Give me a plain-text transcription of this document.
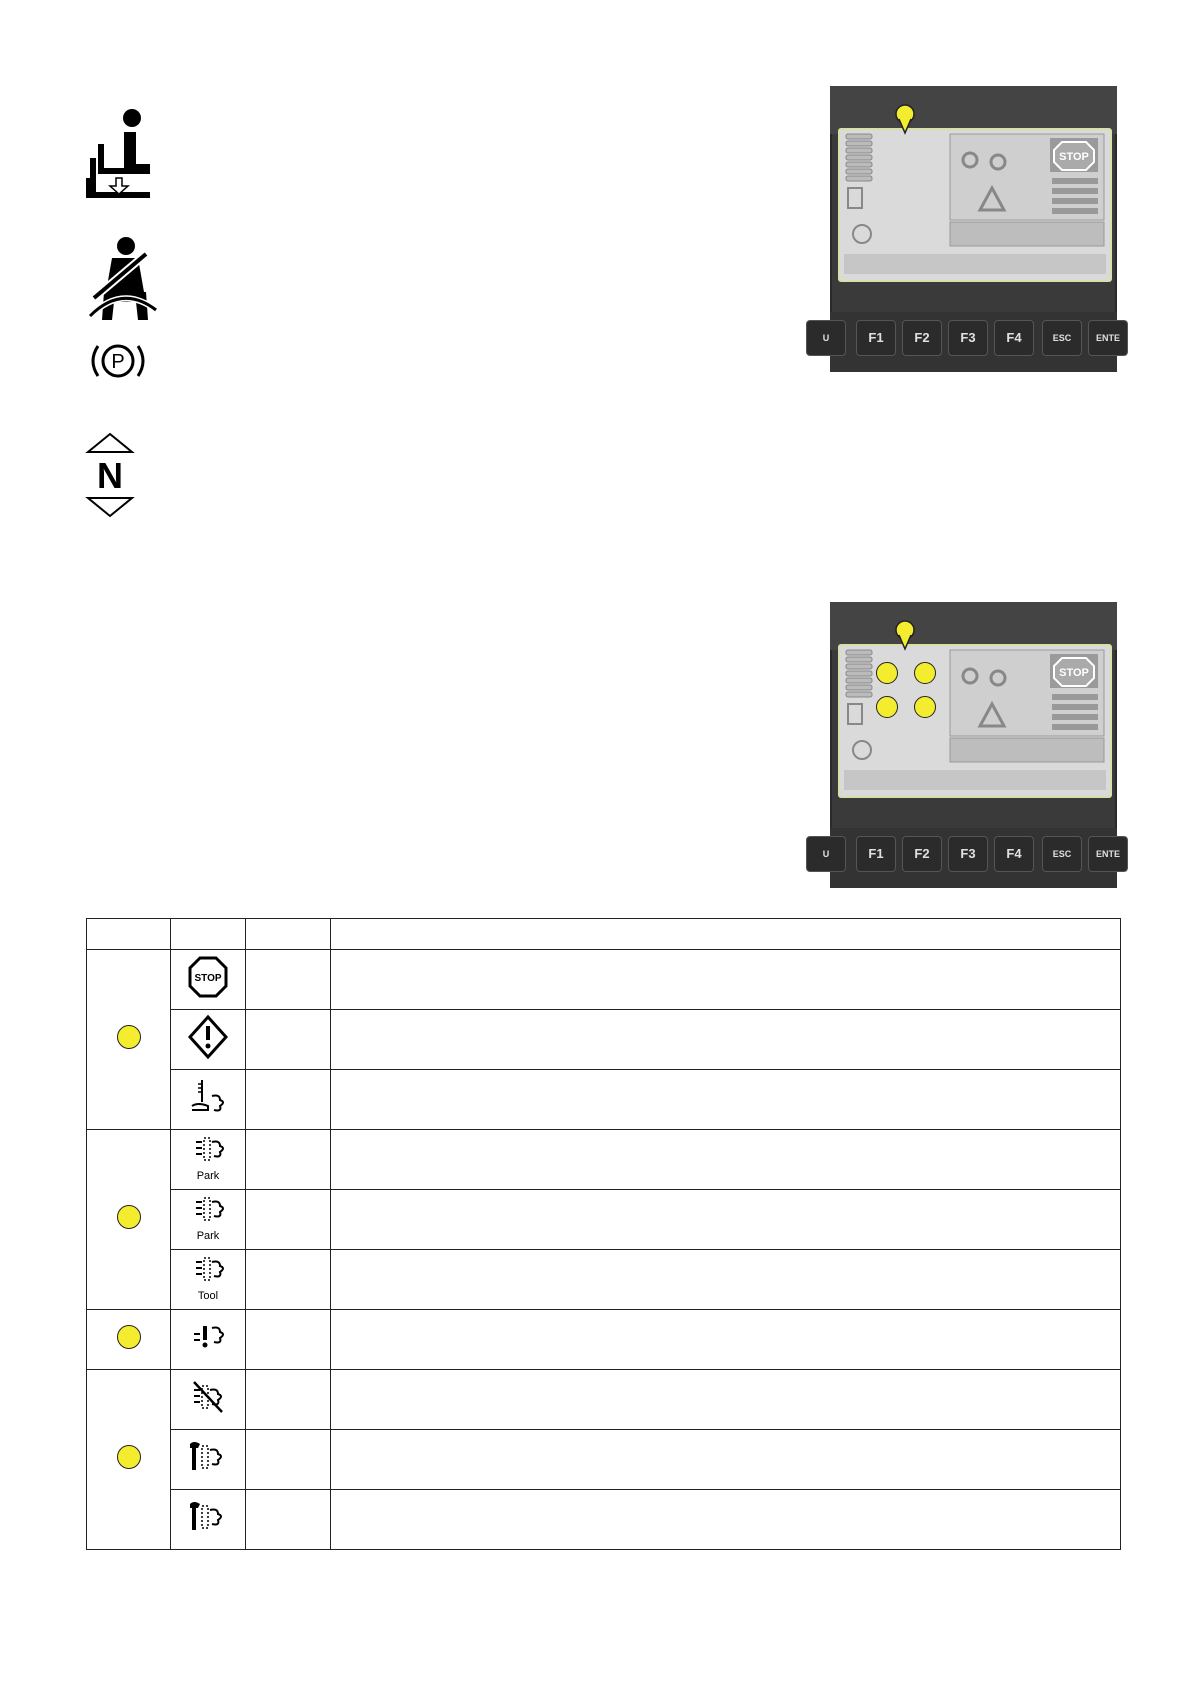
P
N
STOP
U	F1	F2	F3	F4	ESC	ENTE
STOP
U	F1	F2	F3	F4	ESC	ENTE

STOP		

	Park		

	Park		

	Tool		
